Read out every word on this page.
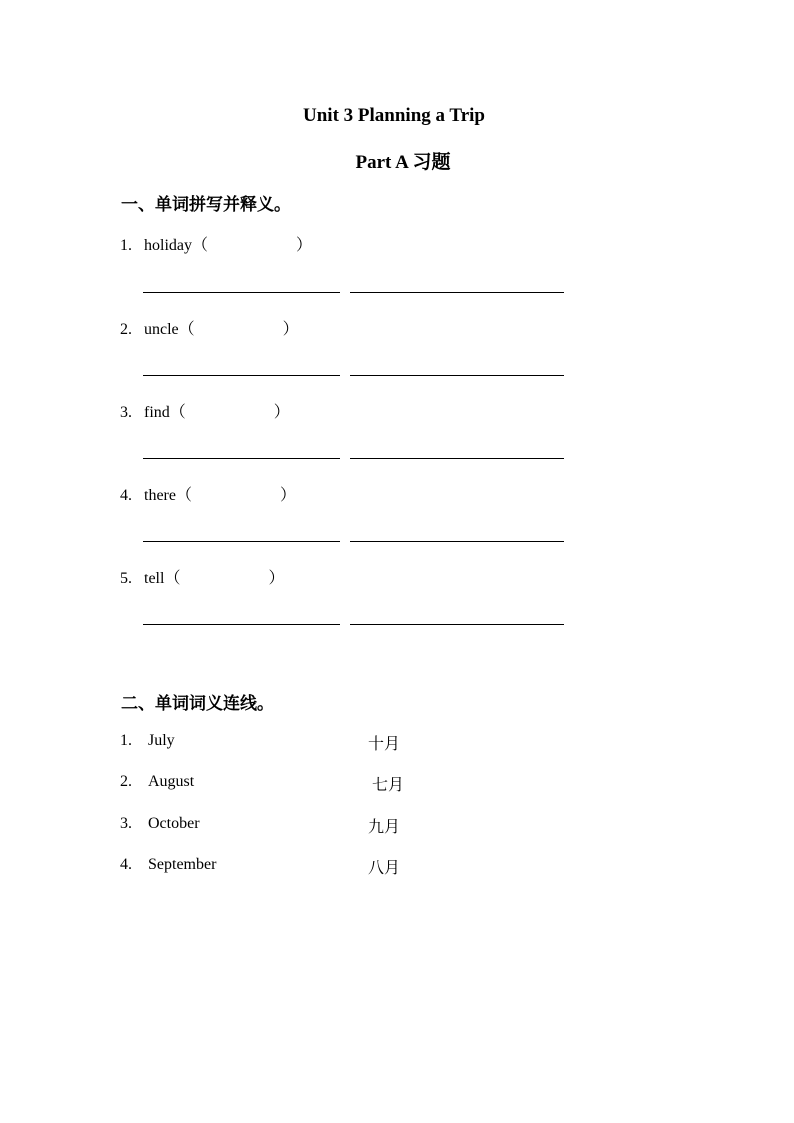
Unit 3 Planning a Trip
Part A 习题
一、单词拼写并释义。
1. holiday（	）
2. uncle（	）
3. find（	）
4. there（	）
5. tell（	）
二、单词词义连线。
1. July	十月
2. August	七月
3. October	九月
4. September	八月
